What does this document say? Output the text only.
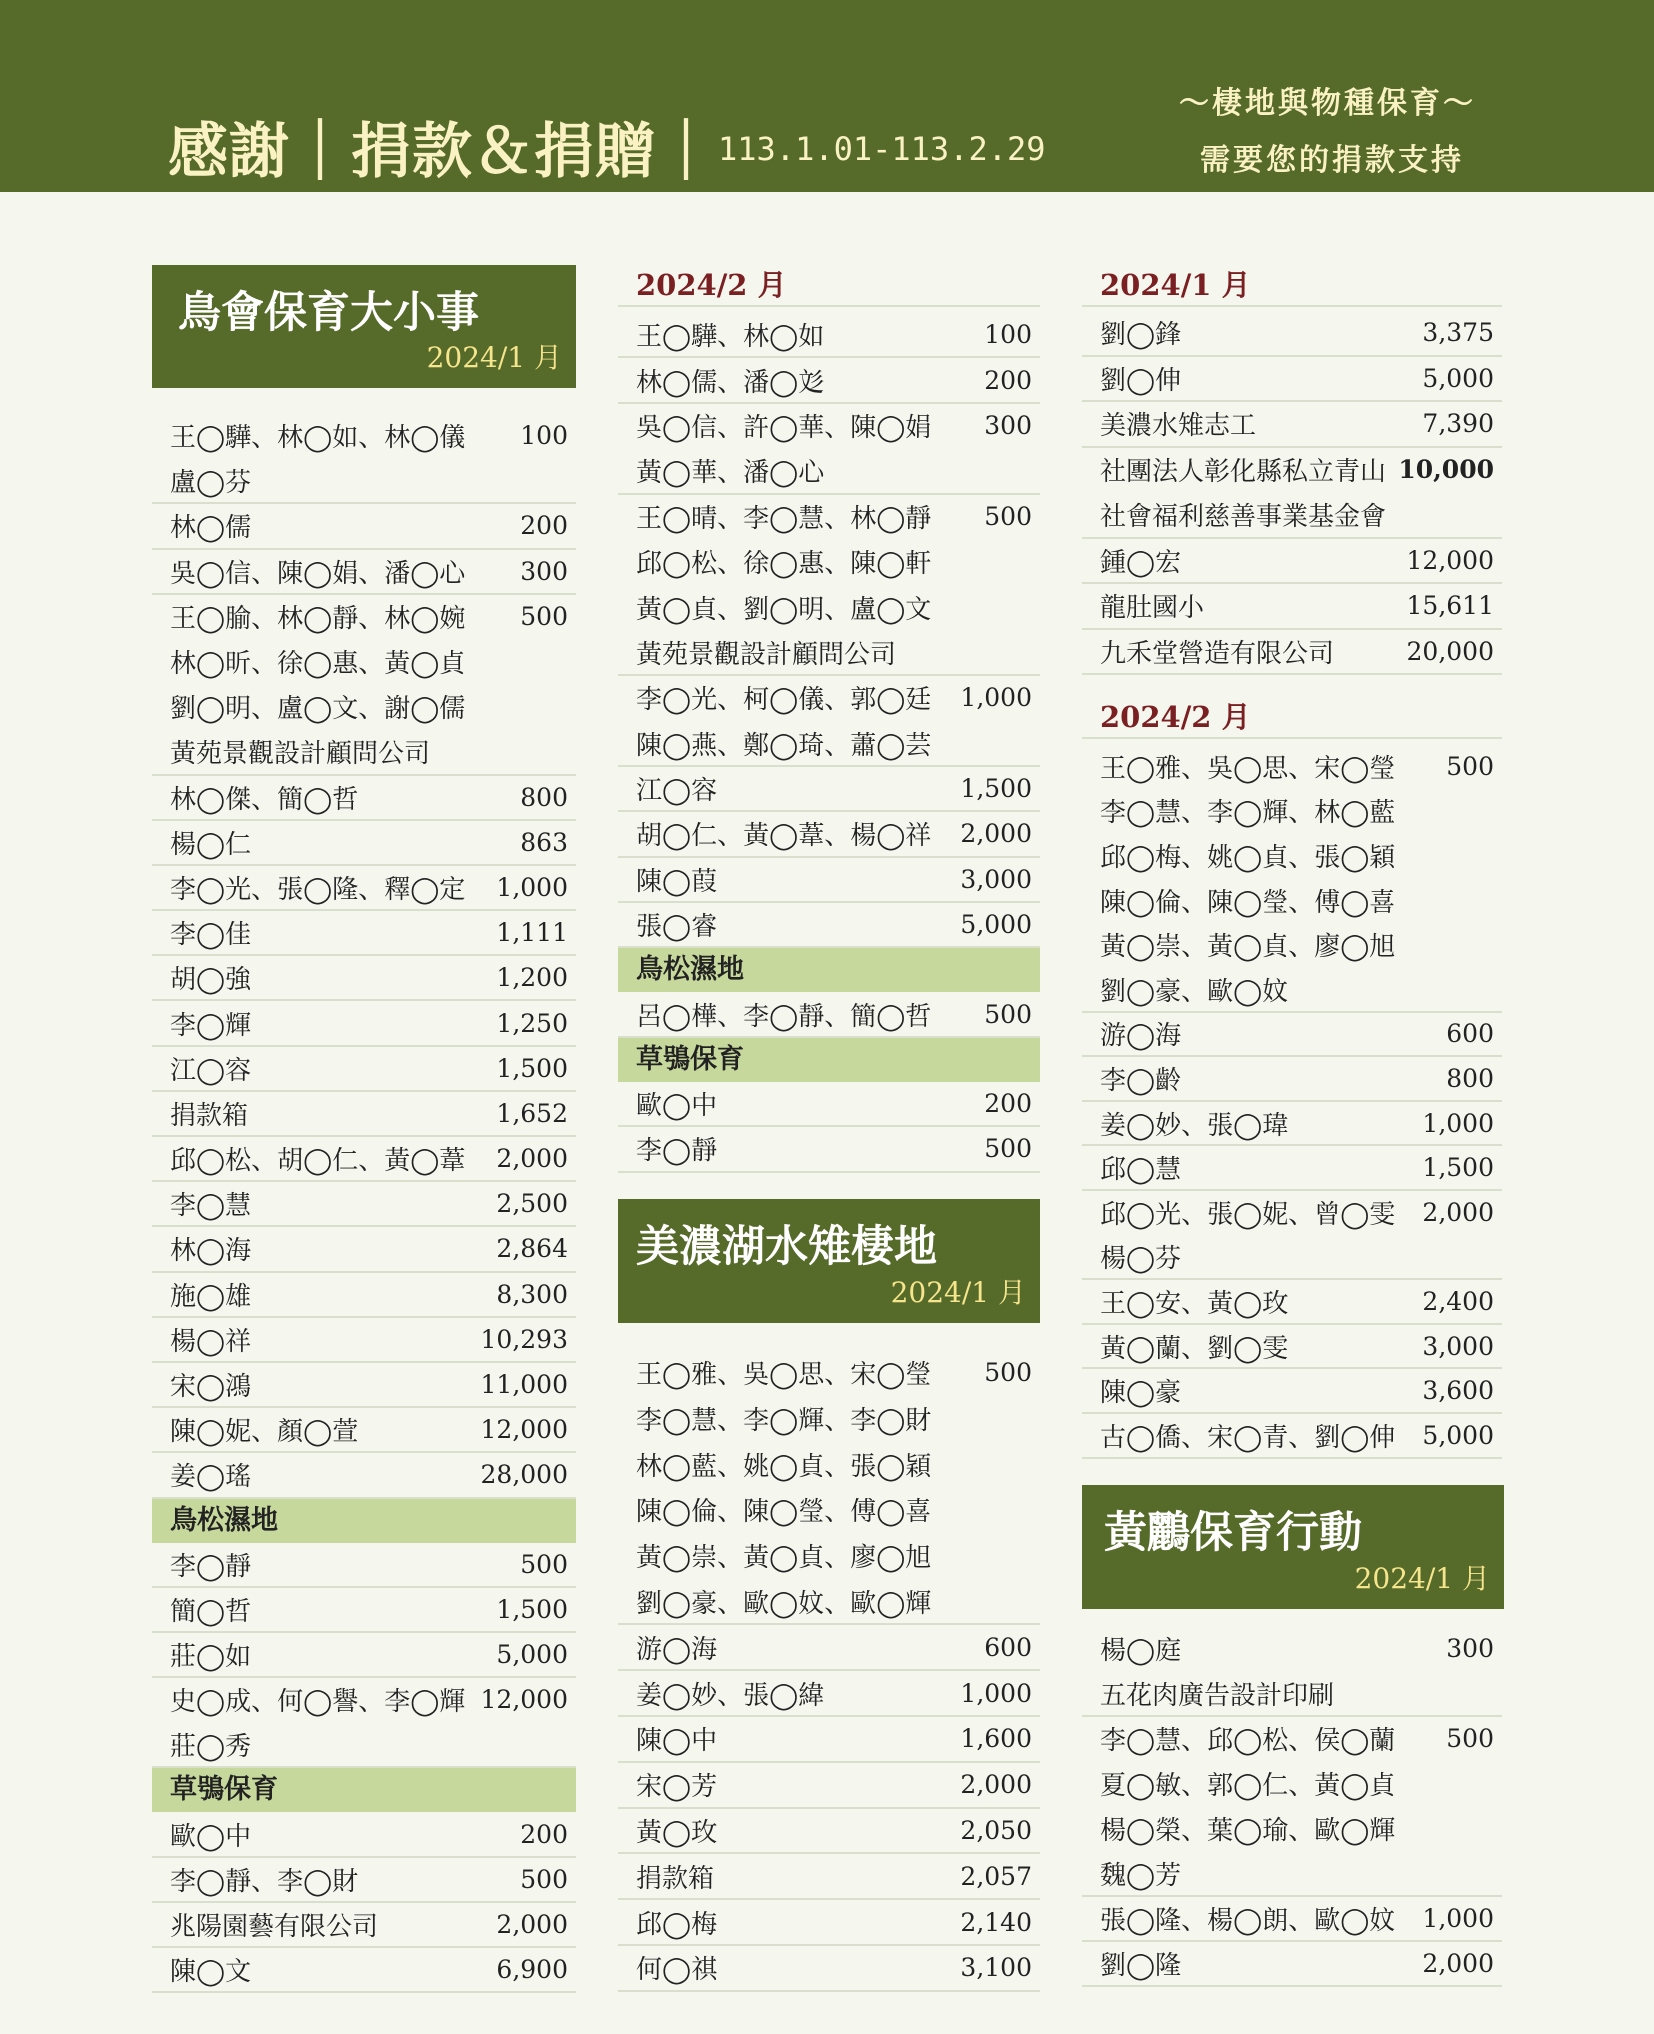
感謝｜捐款＆捐贈｜ 113.1.01-113.2.29
～棲地與物種保育～
需要您的捐款支持
鳥會保育大小事
2024/1 月
王◯驊、林◯如、林◯儀 100
盧◯芬
林◯儒	200
吳◯信、陳◯娟、潘◯心 300
王◯腧、林◯靜、林◯婉 500
林◯昕、徐◯惠、黃◯貞
劉◯明、盧◯文、謝◯儒
黃苑景觀設計顧問公司
林◯傑、簡◯哲	800
楊◯仁	863
李◯光、張◯隆、釋◯定 1,000
李◯佳	1,111
胡◯強	1,200
李◯輝	1,250
江◯容	1,500
捐款箱	1,652
邱◯松、胡◯仁、黃◯葦 2,000
李◯慧	2,500
林◯海	2,864
施◯雄	8,300
楊◯祥	10,293
宋◯鴻	11,000
陳◯妮、顏◯萱	12,000
姜◯瑤	28,000
鳥松濕地
李◯靜	500
簡◯哲	1,500
莊◯如	5,000
史◯成、何◯譽、李◯輝 12,000
莊◯秀
草鴞保育
歐◯中	200
李◯靜、李◯財	500
兆陽園藝有限公司	2,000
陳◯文	6,900
2024/2 月
王◯驊、林◯如	100
林◯儒、潘◯彣	200
吳◯信、許◯華、陳◯娟 300
黃◯華、潘◯心
王◯晴、李◯慧、林◯靜 500
邱◯松、徐◯惠、陳◯軒
黃◯貞、劉◯明、盧◯文
黃苑景觀設計顧問公司
李◯光、柯◯儀、郭◯廷 1,000
陳◯燕、鄭◯琦、蕭◯芸
江◯容	1,500
胡◯仁、黃◯葦、楊◯祥 2,000
陳◯葭	3,000
張◯睿	5,000
鳥松濕地
呂◯樺、李◯靜、簡◯哲 500
草鴞保育
歐◯中	200
李◯靜	500
美濃湖水雉棲地
2024/1 月
王◯雅、吳◯思、宋◯瑩 500
李◯慧、李◯輝、李◯財
林◯藍、姚◯貞、張◯穎
陳◯倫、陳◯瑩、傅◯喜
黃◯崇、黃◯貞、廖◯旭
劉◯豪、歐◯妏、歐◯輝
游◯海	600
姜◯妙、張◯緯	1,000
陳◯中	1,600
宋◯芳	2,000
黃◯玫	2,050
捐款箱	2,057
邱◯梅	2,140
何◯祺	3,100
2024/1 月
劉◯鋒	3,375
劉◯伸	5,000
美濃水雉志工	7,390
社團法人彰化縣私立青山 10,000
社會福利慈善事業基金會
鍾◯宏	12,000
龍肚國小	15,611
九禾堂營造有限公司	20,000
2024/2 月
王◯雅、吳◯思、宋◯瑩 500
李◯慧、李◯輝、林◯藍
邱◯梅、姚◯貞、張◯穎
陳◯倫、陳◯瑩、傅◯喜
黃◯崇、黃◯貞、廖◯旭
劉◯豪、歐◯妏
游◯海	600
李◯齡	800
姜◯妙、張◯瑋	1,000
邱◯慧	1,500
邱◯光、張◯妮、曾◯雯 2,000
楊◯芬
王◯安、黃◯玫	2,400
黃◯蘭、劉◯雯	3,000
陳◯豪	3,600
古◯僑、宋◯青、劉◯伸 5,000
黃鸝保育行動
2024/1 月
楊◯庭	300
五花肉廣告設計印刷
李◯慧、邱◯松、侯◯蘭 500
夏◯敏、郭◯仁、黃◯貞
楊◯榮、葉◯瑜、歐◯輝
魏◯芳
張◯隆、楊◯朗、歐◯妏 1,000
劉◯隆	2,000
